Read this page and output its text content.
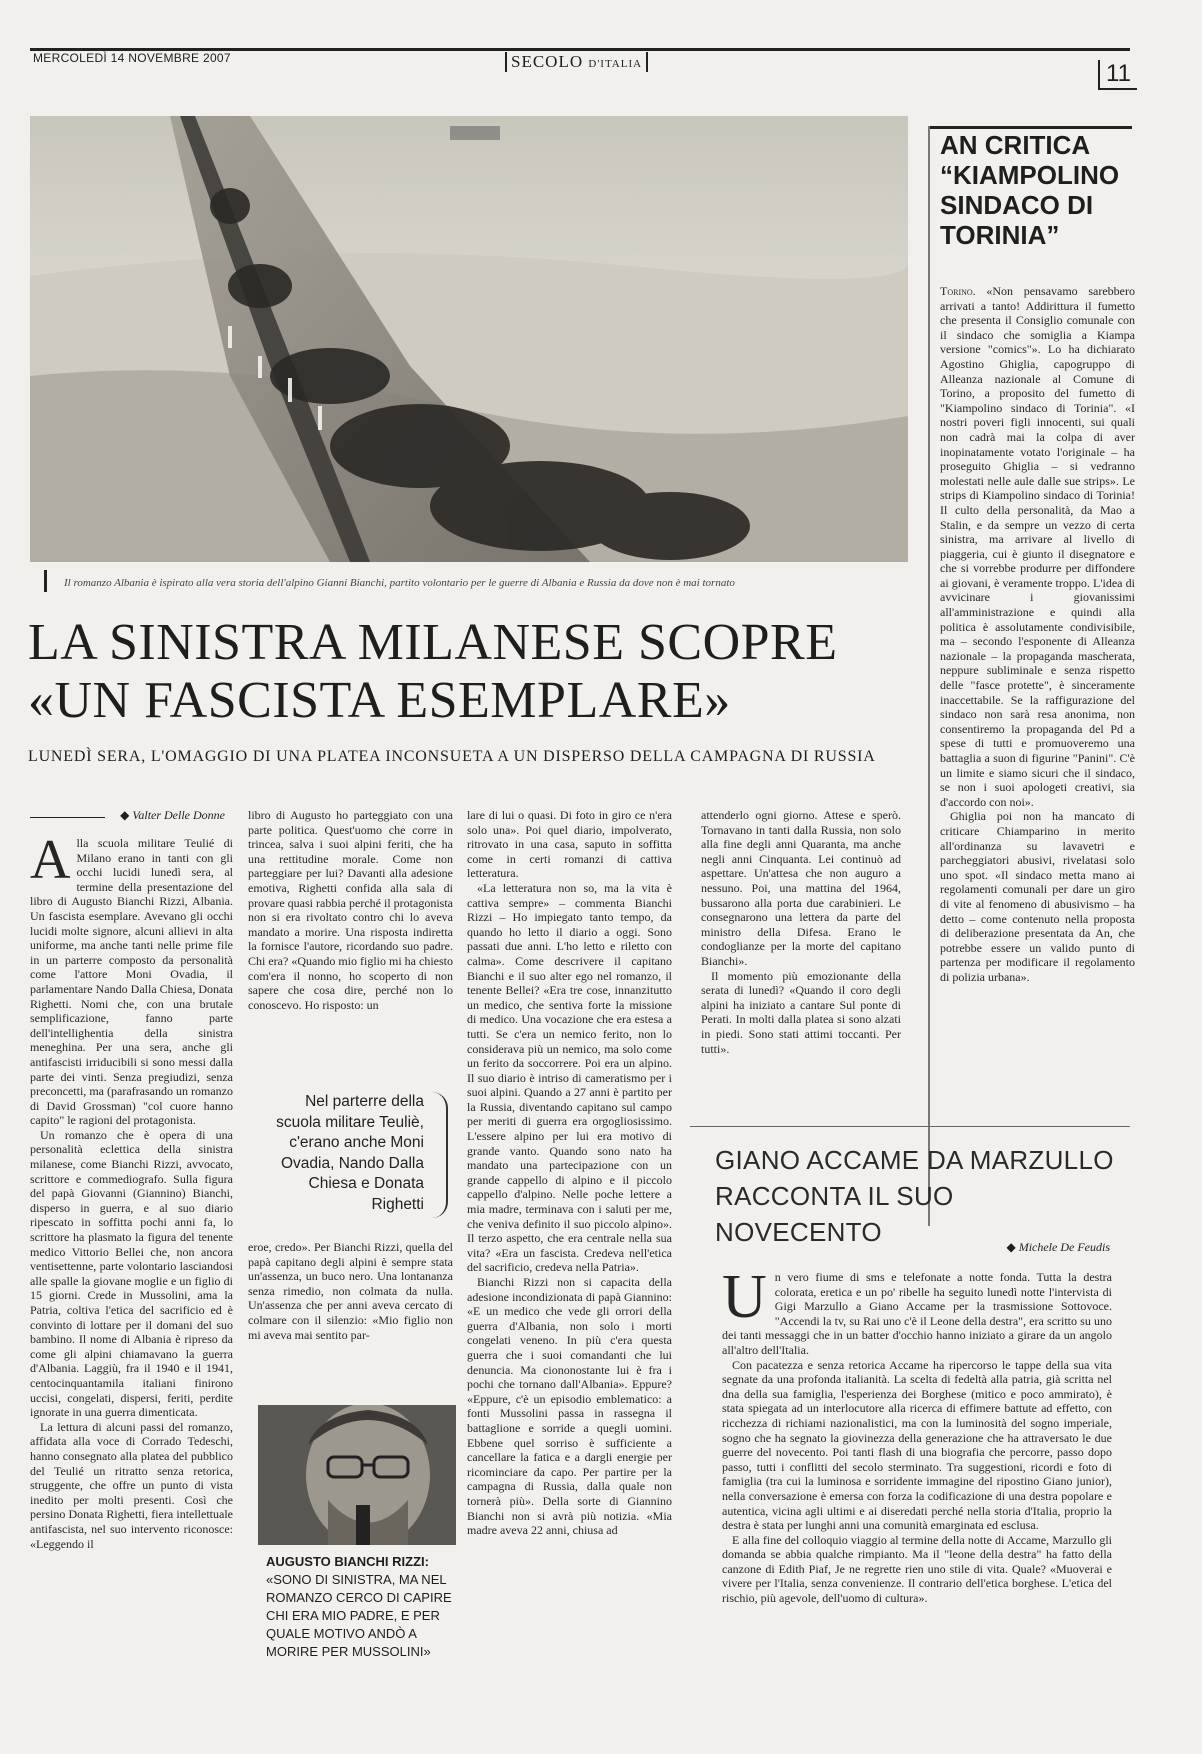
MERCOLEDÌ 14 NOVEMBRE 2007	SECOLO D'ITALIA	11
Il romanzo Albania è ispirato alla vera storia dell'alpino Gianni Bianchi, partito volontario per le guerre di Albania e Russia da dove non è mai tornato
LA SINISTRA MILANESE SCOPRE
«UN FASCISTA ESEMPLARE»
LUNEDÌ SERA, L'OMAGGIO DI UNA PLATEA INCONSUETA A UN DISPERSO DELLA CAMPAGNA DI RUSSIA
◆ Valter Delle Donne
A lla scuola militare Teulié di Milano erano in tanti con gli occhi lucidi lunedì sera, al termine della presentazione del libro di Augusto Bianchi Rizzi, Albania. Un fascista esemplare. Avevano gli occhi lucidi molte signore, alcuni allievi in alta uniforme, ma anche tanti nelle prime file in un parterre composto da personalità come l'attore Moni Ovadia, il parlamentare Nando Dalla Chiesa, Donata Righetti. Nomi che, con una brutale semplificazione, fanno parte dell'intellighentia della sinistra meneghina. Per una sera, anche gli antifascisti irriducibili si sono messi dalla parte dei vinti. Senza pregiudizi, senza preconcetti, ma (parafrasando un romanzo di David Grossman) "col cuore hanno capito" le ragioni del protagonista.

Un romanzo che è opera di una personalità eclettica della sinistra milanese, come Bianchi Rizzi, avvocato, scrittore e commediografo. Sulla figura del papà Giovanni (Giannino) Bianchi, disperso in guerra, e al suo diario ripescato in soffitta pochi anni fa, lo scrittore ha plasmato la figura del tenente medico Vittorio Bellei che, non ancora ventisettenne, parte volontario lasciandosi alle spalle la giovane moglie e un figlio di 15 giorni. Crede in Mussolini, ama la Patria, coltiva l'etica del sacrificio ed è convinto di lottare per il domani del suo bambino. Il nome di Albania è ripreso da come gli alpini chiamavano la guerra d'Albania. Laggiù, fra il 1940 e il 1941, centocinquantamila italiani finirono uccisi, congelati, dispersi, feriti, perdite ignorate in una guerra dimenticata.

La lettura di alcuni passi del romanzo, affidata alla voce di Corrado Tedeschi, hanno consegnato alla platea del pubblico del Teulié un ritratto senza retorica, struggente, che offre un punto di vista inedito per molti presenti. Così che persino Donata Righetti, fiera intellettuale antifascista, nel suo intervento riconosce: «Leggendo il

libro di Augusto ho parteggiato con una parte politica. Quest'uomo che corre in trincea, salva i suoi alpini feriti, che ha una rettitudine morale. Come non parteggiare per lui? Davanti alla adesione emotiva, Righetti confida alla sala di provare quasi rabbia perché il protagonista non si era rivoltato contro chi lo aveva mandato a morire. Una risposta indiretta la fornisce l'autore, ricordando suo padre. Chi era? «Quando mio figlio mi ha chiesto com'era il nonno, ho scoperto di non sapere che cosa dire, perché non lo conoscevo. Ho risposto: un

Nel parterre della scuola militare Teuliè, c'erano anche Moni Ovadia, Nando Dalla Chiesa e Donata Righetti

eroe, credo». Per Bianchi Rizzi, quella del papà capitano degli alpini è sempre stata un'assenza, un buco nero. Una lontananza senza rimedio, non colmata da nulla. Un'assenza che per anni aveva cercato di colmare con il silenzio: «Mio figlio non mi aveva mai sentito par-

AUGUSTO BIANCHI RIZZI: «SONO DI SINISTRA, MA NEL ROMANZO CERCO DI CAPIRE CHI ERA MIO PADRE, E PER QUALE MOTIVO ANDÒ A MORIRE PER MUSSOLINI»

lare di lui o quasi. Di foto in giro ce n'era solo una». Poi quel diario, impolverato, ritrovato in una casa, saputo in soffitta come in certi romanzi di cattiva letteratura.

«La letteratura non so, ma la vita è cattiva sempre» – commenta Bianchi Rizzi – Ho impiegato tanto tempo, da quando ho letto il diario a oggi. Sono passati due anni. L'ho letto e riletto con calma». Come descrivere il capitano Bianchi e il suo alter ego nel romanzo, il tenente Bellei? «Era tre cose, innanzitutto un medico, che sentiva forte la missione di medico. Una vocazione che era estesa a tutti. Se c'era un nemico ferito, non lo considerava più un nemico, ma solo come un ferito da soccorrere. Poi era un alpino. Il suo diario è intriso di cameratismo per i suoi alpini. Quando a 27 anni è partito per la Russia, diventando capitano sul campo per meriti di guerra era orgogliosissimo. L'essere alpino per lui era motivo di grande vanto. Quando sono nato ha mandato una partecipazione con un grande cappello di alpino e il piccolo cappello d'alpino. Nelle poche lettere a mia madre, terminava con i saluti per me, che veniva definito il suo piccolo alpino». Il terzo aspetto, che era centrale nella sua vita? «Era un fascista. Credeva nell'etica del sacrificio, credeva nella Patria».

Bianchi Rizzi non si capacita della adesione incondizionata di papà Giannino: «E un medico che vede gli orrori della guerra d'Albania, non solo i morti congelati veneno. In più c'era questa guerra che i suoi comandanti che lui denuncia. Ma ciononostante lui è fra i pochi che tornano dall'Albania». Eppure? «Eppure, c'è un episodio emblematico: a fonti Mussolini passa in rassegna il battaglione e sorride a quegli uomini. Ebbene quel sorriso è sufficiente a cancellare la fatica e a dargli energie per ricominciare da capo. Per partire per la campagna di Russia, dalla quale non tornerà più». Della sorte di Giannino Bianchi non si avrà più notizia. «Mia madre aveva 22 anni, chiusa ad

attenderlo ogni giorno. Attese e sperò. Tornavano in tanti dalla Russia, non solo alla fine degli anni Quaranta, ma anche negli anni Cinquanta. Lei continuò ad aspettare. Un'attesa che non auguro a nessuno. Poi, una mattina del 1964, bussarono alla porta due carabinieri. Le consegnarono una lettera da parte del ministro della Difesa. Erano le condoglianze per la morte del capitano Bianchi».

Il momento più emozionante della serata di lunedì? «Quando il coro degli alpini ha iniziato a cantare Sul ponte di Perati. In molti dalla platea si sono alzati in piedi. Sono stati attimi toccanti. Per tutti».

AN CRITICA “KIAMPOLINO SINDACO DI TORINIA”

Torino. «Non pensavamo sarebbero arrivati a tanto! Addirittura il fumetto che presenta il Consiglio comunale con il sindaco che somiglia a Kiampa versione "comics"». Lo ha dichiarato Agostino Ghiglia, capogruppo di Alleanza nazionale al Comune di Torino, a proposito del fumetto di "Kiampolino sindaco di Torinia". «I nostri poveri figli innocenti, sui quali non cadrà mai la colpa di aver inopinatamente votato l'originale – ha proseguito Ghiglia – si vedranno molestati nelle aule dalle sue strips». Le strips di Kiampolino sindaco di Torinia! Il culto della personalità, da Mao a Stalin, e da sempre un vezzo di certa sinistra, ma arrivare al livello di piaggeria, cui è giunto il disegnatore e che si vorrebbe produrre per diffondere ai giovani, è veramente troppo. L'idea di avvicinare i giovanissimi all'amministrazione e quindi alla politica è assolutamente condivisibile, ma – secondo l'esponente di Alleanza nazionale – la propaganda mascherata, neppure subliminale e senza rispetto delle "fasce protette", è sinceramente inaccettabile. Se la raffigurazione del sindaco non sarà resa anonima, non consentiremo la propaganda del Pd a spese di tutti e promuoveremo una battaglia a suon di figurine "Panini". C'è un limite e siamo sicuri che il sindaco, se non i suoi apologeti creativi, sia d'accordo con noi».

Ghiglia poi non ha mancato di criticare Chiamparino in merito all'ordinanza su lavavetri e parcheggiatori abusivi, rivelatasi solo uno spot. «Il sindaco metta mano ai regolamenti comunali per dare un giro di vite al fenomeno di abusivismo – ha detto – come contenuto nella proposta di deliberazione presentata da An, che potrebbe essere un valido punto di partenza per modificare il regolamento di polizia urbana».

GIANO ACCAME DA MARZULLO RACCONTA IL SUO NOVECENTO	◆ Michele De Feudis
U n vero fiume di sms e telefonate a notte fonda. Tutta la destra colorata, eretica e un po' ribelle ha seguito lunedì notte l'intervista di Gigi Marzullo a Giano Accame per la trasmissione Sottovoce. "Accendi la tv, su Rai uno c'è il Leone della destra", era scritto su uno dei tanti messaggi che in un batter d'occhio hanno iniziato a girare da un angolo all'altro dell'Italia.

Con pacatezza e senza retorica Accame ha ripercorso le tappe della sua vita segnate da una profonda italianità. La scelta di fedeltà alla patria, già scritta nel dna della sua famiglia, l'esperienza dei Borghese (mitico e poco ammirato), è stata spiegata ad un interlocutore alla ricerca di effimere battute ad effetto, con ricchezza di richiami nazionalistici, ma con la luminosità del sogno imperiale, sogno che ha segnato la giovinezza della generazione che ha attraversato le due guerre del novecento. Poi tanti flash di una biografia che percorre, passo dopo passo, tutti i conflitti del secolo sterminato. Tra suggestioni, ricordi e foto di famiglia (tra cui la luminosa e sorridente immagine del ripostino Giano junior), nella conversazione è emersa con forza la codificazione di una destra popolare e autentica, vicina agli ultimi e ai diseredati perché nella storia d'Italia, proprio la destra è stata per lunghi anni una comunità emarginata ed esclusa.

E alla fine del colloquio viaggio al termine della notte di Accame, Marzullo gli domanda se abbia qualche rimpianto. Ma il "leone della destra" ha fatto della canzone di Edith Piaf, Je ne regrette rien uno stile di vita. Quale? «Muoverai e vivere per l'Italia, senza convenienze. Il contrario dell'etica borghese. L'etica del rischio, più agevole, dell'uomo di cultura».
